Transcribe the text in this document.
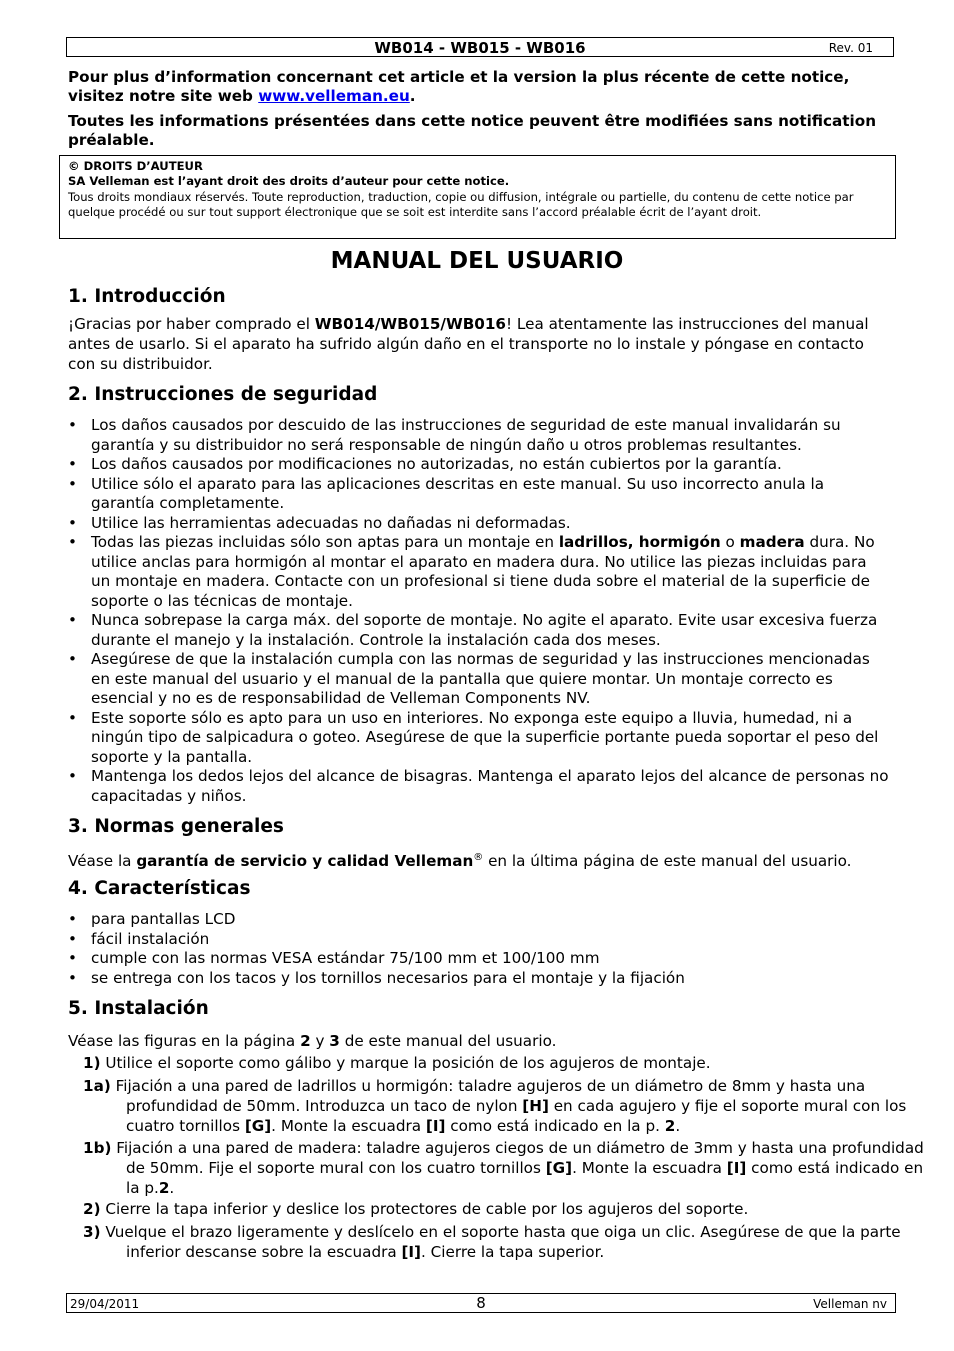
WB014 - WB015 - WB016	Rev. 01
Pour plus d’information concernant cet article et la version la plus récente de cette notice, visitez notre site web www.velleman.eu.
Toutes les informations présentées dans cette notice peuvent être modifiées sans notification préalable.
© DROITS D’AUTEUR
SA Velleman est l’ayant droit des droits d’auteur pour cette notice.
Tous droits mondiaux réservés. Toute reproduction, traduction, copie ou diffusion, intégrale ou partielle, du contenu de cette notice par quelque procédé ou sur tout support électronique que se soit est interdite sans l’accord préalable écrit de l’ayant droit.
MANUAL DEL USUARIO
1. Introducción

¡Gracias por haber comprado el WB014/WB015/WB016! Lea atentamente las instrucciones del manual antes de usarlo. Si el aparato ha sufrido algún daño en el transporte no lo instale y póngase en contacto con su distribuidor.

2. Instrucciones de seguridad
• Los daños causados por descuido de las instrucciones de seguridad de este manual invalidarán su garantía y su distribuidor no será responsable de ningún daño u otros problemas resultantes.
• Los daños causados por modificaciones no autorizadas, no están cubiertos por la garantía.
• Utilice sólo el aparato para las aplicaciones descritas en este manual. Su uso incorrecto anula la garantía completamente.
• Utilice las herramientas adecuadas no dañadas ni deformadas.
• Todas las piezas incluidas sólo son aptas para un montaje en ladrillos, hormigón o madera dura. No utilice anclas para hormigón al montar el aparato en madera dura. No utilice las piezas incluidas para un montaje en madera. Contacte con un profesional si tiene duda sobre el material de la superficie de soporte o las técnicas de montaje.
• Nunca sobrepase la carga máx. del soporte de montaje. No agite el aparato. Evite usar excesiva fuerza durante el manejo y la instalación. Controle la instalación cada dos meses.
• Asegúrese de que la instalación cumpla con las normas de seguridad y las instrucciones mencionadas en este manual del usuario y el manual de la pantalla que quiere montar. Un montaje correcto es esencial y no es de responsabilidad de Velleman Components NV.
• Este soporte sólo es apto para un uso en interiores. No exponga este equipo a lluvia, humedad, ni a ningún tipo de salpicadura o goteo. Asegúrese de que la superficie portante pueda soportar el peso del soporte y la pantalla.
• Mantenga los dedos lejos del alcance de bisagras. Mantenga el aparato lejos del alcance de personas no capacitadas y niños.
3. Normas generales

Véase la garantía de servicio y calidad Velleman® en la última página de este manual del usuario.

4. Características
• para pantallas LCD
• fácil instalación
• cumple con las normas VESA estándar 75/100 mm et 100/100 mm
• se entrega con los tacos y los tornillos necesarios para el montaje y la fijación
5. Instalación

Véase las figuras en la página 2 y 3 de este manual del usuario.

1) Utilice el soporte como gálibo y marque la posición de los agujeros de montaje.
1a) Fijación a una pared de ladrillos u hormigón: taladre agujeros de un diámetro de 8mm y hasta una profundidad de 50mm. Introduzca un taco de nylon [H] en cada agujero y fije el soporte mural con los cuatro tornillos [G]. Monte la escuadra [I] como está indicado en la p. 2.
1b) Fijación a una pared de madera: taladre agujeros ciegos de un diámetro de 3mm y hasta una profundidad de 50mm. Fije el soporte mural con los cuatro tornillos [G]. Monte la escuadra [I] como está indicado en la p.2.
2) Cierre la tapa inferior y deslice los protectores de cable por los agujeros del soporte.
3) Vuelque el brazo ligeramente y deslícelo en el soporte hasta que oiga un clic. Asegúrese de que la parte inferior descanse sobre la escuadra [I]. Cierre la tapa superior.
29/04/2011	8	Velleman nv
